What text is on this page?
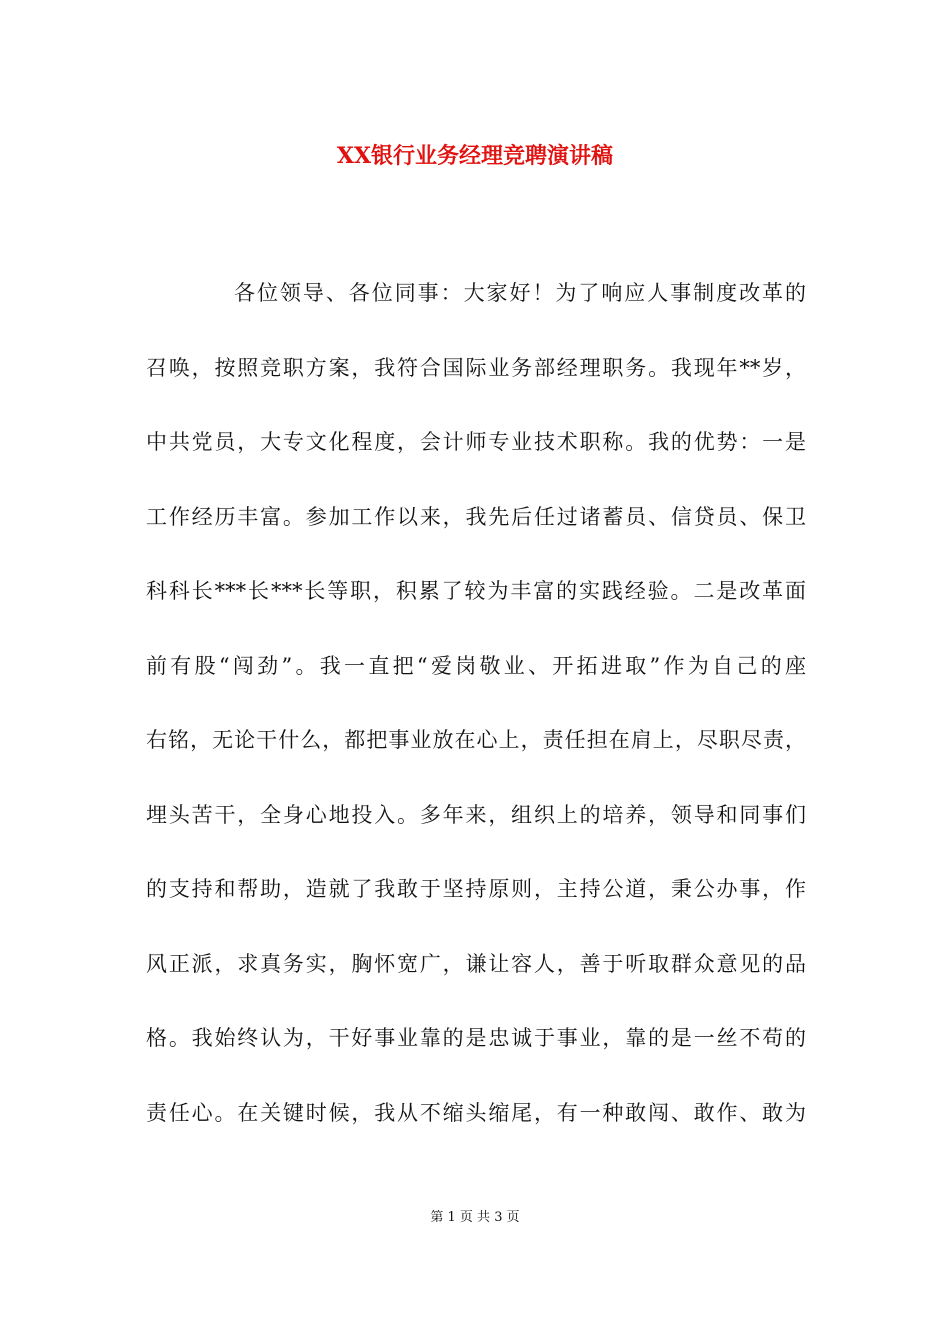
XX银行业务经理竞聘演讲稿
各位领导、各位同事：大家好！为了响应人事制度改革的
召唤，按照竞职方案，我符合国际业务部经理职务。我现年**岁，
中共党员，大专文化程度，会计师专业技术职称。我的优势：一是
工作经历丰富。参加工作以来，我先后任过诸蓄员、信贷员、保卫
科科长***长***长等职，积累了较为丰富的实践经验。二是改革面
前有股“闯劲”。我一直把“爱岗敬业、开拓进取”作为自己的座
右铭，无论干什么，都把事业放在心上，责任担在肩上，尽职尽责，
埋头苦干，全身心地投入。多年来，组织上的培养，领导和同事们
的支持和帮助，造就了我敢于坚持原则，主持公道，秉公办事，作
风正派，求真务实，胸怀宽广，谦让容人，善于听取群众意见的品
格。我始终认为，干好事业靠的是忠诚于事业，靠的是一丝不苟的
责任心。在关键时候，我从不缩头缩尾，有一种敢闯、敢作、敢为
第 1 页 共 3 页
